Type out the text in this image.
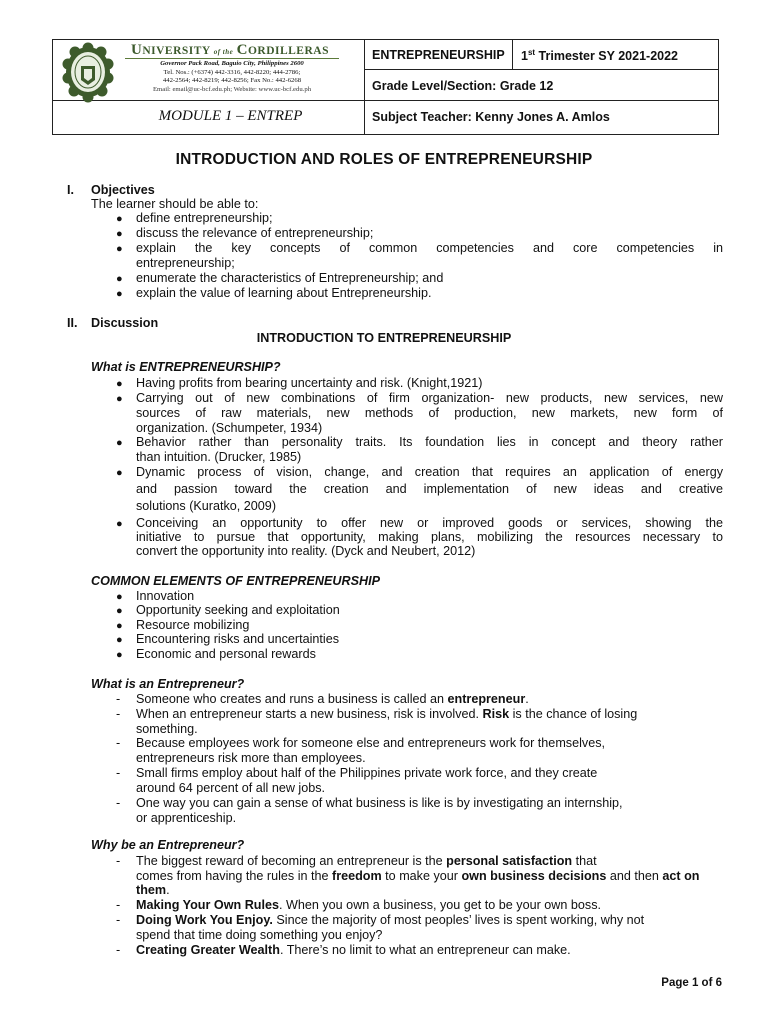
UNIVERSITY of the CORDILLERAS
Governor Pack Road, Baguio City, Philippines 2600
Tel. Nos.: (+6374) 442-3316, 442-8220; 444-2786;
442-2564; 442-8219; 442-8256; Fax No.: 442-6268
Email: email@uc-bcf.edu.ph; Website: www.uc-bcf.edu.ph
MODULE 1 – ENTREP
ENTREPRENEURSHIP 1st Trimester SY 2021-2022
Grade Level/Section: Grade 12
Subject Teacher: Kenny Jones A. Amlos
INTRODUCTION AND ROLES OF ENTREPRENEURSHIP
I. Objectives
The learner should be able to:
● define entrepreneurship;
● discuss the relevance of entrepreneurship;
● explain the key concepts of common competencies and core competencies in
entrepreneurship;
● enumerate the characteristics of Entrepreneurship; and
● explain the value of learning about Entrepreneurship.
II. Discussion
INTRODUCTION TO ENTREPRENEURSHIP
What is ENTREPRENEURSHIP?
● Having profits from bearing uncertainty and risk. (Knight,1921)
● Carrying out of new combinations of firm organization- new products, new services, new
sources of raw materials, new methods of production, new markets, new form of
organization. (Schumpeter, 1934)
● Behavior rather than personality traits. Its foundation lies in concept and theory rather
than intuition. (Drucker, 1985)
● Dynamic process of vision, change, and creation that requires an application of energy
and passion toward the creation and implementation of new ideas and creative
solutions (Kuratko, 2009)
● Conceiving an opportunity to offer new or improved goods or services, showing the
initiative to pursue that opportunity, making plans, mobilizing the resources necessary to
convert the opportunity into reality. (Dyck and Neubert, 2012)
COMMON ELEMENTS OF ENTREPRENEURSHIP
● Innovation
● Opportunity seeking and exploitation
● Resource mobilizing
● Encountering risks and uncertainties
● Economic and personal rewards
What is an Entrepreneur?
-	Someone who creates and runs a business is called an entrepreneur.
-	When an entrepreneur starts a new business, risk is involved. Risk is the chance of losing
something.
-	Because employees work for someone else and entrepreneurs work for themselves,
entrepreneurs risk more than employees.
-	Small firms employ about half of the Philippines private work force, and they create
around 64 percent of all new jobs.
-	One way you can gain a sense of what business is like is by investigating an internship,
or apprenticeship.
Why be an Entrepreneur?
-	The biggest reward of becoming an entrepreneur is the personal satisfaction that
comes from having the rules in the freedom to make your own business decisions and then act on
them.
-	Making Your Own Rules. When you own a business, you get to be your own boss.
-	Doing Work You Enjoy. Since the majority of most peoples’ lives is spent working, why not
spend that time doing something you enjoy?
-	Creating Greater Wealth. There’s no limit to what an entrepreneur can make.
Page 1 of 6
